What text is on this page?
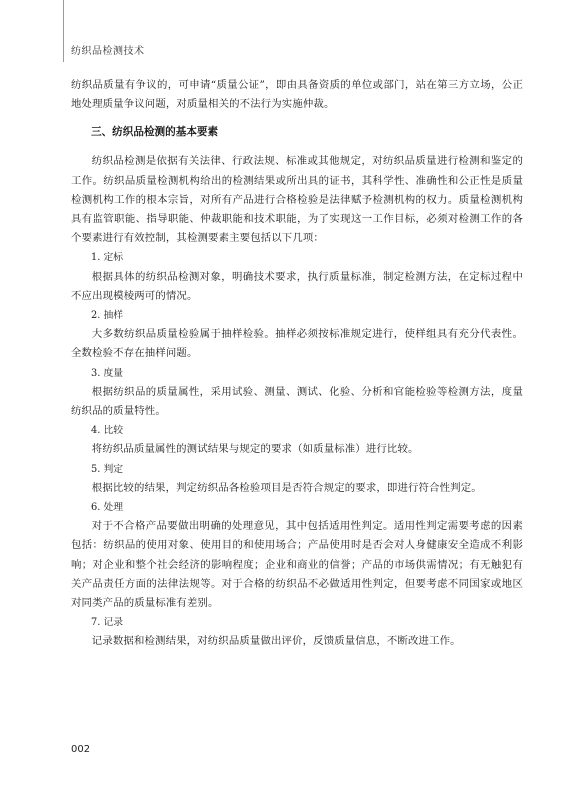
纺织品检测技术

纺织品质量有争议的，可申请“质量公证”，即由具备资质的单位或部门，站在第三方立场，公正地处理质量争议问题，对质量相关的不法行为实施仲裁。

三、纺织品检测的基本要素

纺织品检测是依据有关法律、行政法规、标准或其他规定，对纺织品质量进行检测和鉴定的工作。纺织品质量检测机构给出的检测结果或所出具的证书，其科学性、准确性和公正性是质量检测机构工作的根本宗旨，对所有产品进行合格检验是法律赋予检测机构的权力。质量检测机构具有监管职能、指导职能、仲裁职能和技术职能，为了实现这一工作目标，必须对检测工作的各个要素进行有效控制，其检测要素主要包括以下几项：

1. 定标

根据具体的纺织品检测对象，明确技术要求，执行质量标准，制定检测方法，在定标过程中不应出现模棱两可的情况。

2. 抽样

大多数纺织品质量检验属于抽样检验。抽样必须按标准规定进行，使样组具有充分代表性。全数检验不存在抽样问题。

3. 度量

根据纺织品的质量属性，采用试验、测量、测试、化验、分析和官能检验等检测方法，度量纺织品的质量特性。

4. 比较

将纺织品质量属性的测试结果与规定的要求（如质量标准）进行比较。

5. 判定

根据比较的结果，判定纺织品各检验项目是否符合规定的要求，即进行符合性判定。

6. 处理

对于不合格产品要做出明确的处理意见，其中包括适用性判定。适用性判定需要考虑的因素包括：纺织品的使用对象、使用目的和使用场合；产品使用时是否会对人身健康安全造成不利影响；对企业和整个社会经济的影响程度；企业和商业的信誉；产品的市场供需情况；有无触犯有关产品责任方面的法律法规等。对于合格的纺织品不必做适用性判定，但要考虑不同国家或地区对同类产品的质量标准有差别。

7. 记录

记录数据和检测结果，对纺织品质量做出评价，反馈质量信息，不断改进工作。

002
